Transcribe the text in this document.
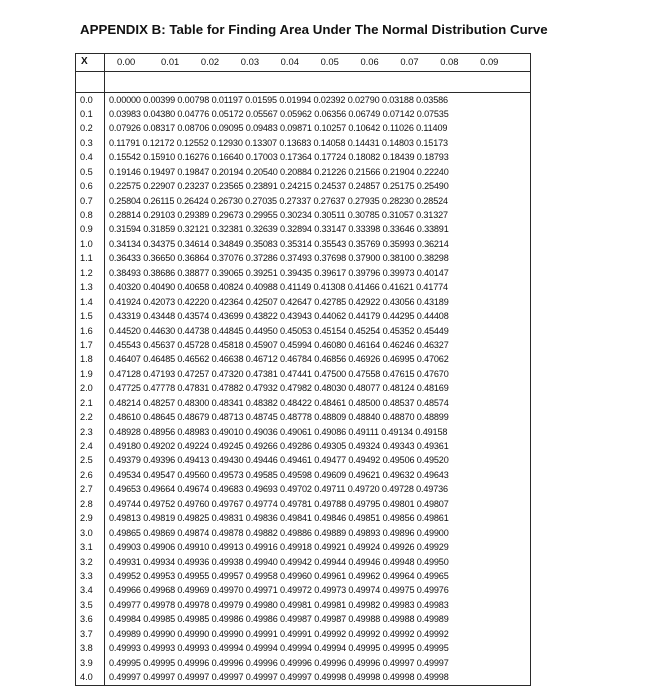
APPENDIX B: Table for Finding Area Under The Normal Distribution Curve
X	0.00 0.01 0.02 0.03 0.04 0.05 0.06 0.07 0.08 0.09

0.0	0.00000 0.00399 0.00798 0.01197 0.01595 0.01994 0.02392 0.02790 0.03188 0.03586
0.1	0.03983 0.04380 0.04776 0.05172 0.05567 0.05962 0.06356 0.06749 0.07142 0.07535
0.2	0.07926 0.08317 0.08706 0.09095 0.09483 0.09871 0.10257 0.10642 0.11026 0.11409
0.3	0.11791 0.12172 0.12552 0.12930 0.13307 0.13683 0.14058 0.14431 0.14803 0.15173
0.4	0.15542 0.15910 0.16276 0.16640 0.17003 0.17364 0.17724 0.18082 0.18439 0.18793
0.5	0.19146 0.19497 0.19847 0.20194 0.20540 0.20884 0.21226 0.21566 0.21904 0.22240
0.6	0.22575 0.22907 0.23237 0.23565 0.23891 0.24215 0.24537 0.24857 0.25175 0.25490
0.7	0.25804 0.26115 0.26424 0.26730 0.27035 0.27337 0.27637 0.27935 0.28230 0.28524
0.8	0.28814 0.29103 0.29389 0.29673 0.29955 0.30234 0.30511 0.30785 0.31057 0.31327
0.9	0.31594 0.31859 0.32121 0.32381 0.32639 0.32894 0.33147 0.33398 0.33646 0.33891
1.0	0.34134 0.34375 0.34614 0.34849 0.35083 0.35314 0.35543 0.35769 0.35993 0.36214
1.1	0.36433 0.36650 0.36864 0.37076 0.37286 0.37493 0.37698 0.37900 0.38100 0.38298
1.2	0.38493 0.38686 0.38877 0.39065 0.39251 0.39435 0.39617 0.39796 0.39973 0.40147
1.3	0.40320 0.40490 0.40658 0.40824 0.40988 0.41149 0.41308 0.41466 0.41621 0.41774
1.4	0.41924 0.42073 0.42220 0.42364 0.42507 0.42647 0.42785 0.42922 0.43056 0.43189
1.5	0.43319 0.43448 0.43574 0.43699 0.43822 0.43943 0.44062 0.44179 0.44295 0.44408
1.6	0.44520 0.44630 0.44738 0.44845 0.44950 0.45053 0.45154 0.45254 0.45352 0.45449
1.7	0.45543 0.45637 0.45728 0.45818 0.45907 0.45994 0.46080 0.46164 0.46246 0.46327
1.8	0.46407 0.46485 0.46562 0.46638 0.46712 0.46784 0.46856 0.46926 0.46995 0.47062
1.9	0.47128 0.47193 0.47257 0.47320 0.47381 0.47441 0.47500 0.47558 0.47615 0.47670
2.0	0.47725 0.47778 0.47831 0.47882 0.47932 0.47982 0.48030 0.48077 0.48124 0.48169
2.1	0.48214 0.48257 0.48300 0.48341 0.48382 0.48422 0.48461 0.48500 0.48537 0.48574
2.2	0.48610 0.48645 0.48679 0.48713 0.48745 0.48778 0.48809 0.48840 0.48870 0.48899
2.3	0.48928 0.48956 0.48983 0.49010 0.49036 0.49061 0.49086 0.49111 0.49134 0.49158
2.4	0.49180 0.49202 0.49224 0.49245 0.49266 0.49286 0.49305 0.49324 0.49343 0.49361
2.5	0.49379 0.49396 0.49413 0.49430 0.49446 0.49461 0.49477 0.49492 0.49506 0.49520
2.6	0.49534 0.49547 0.49560 0.49573 0.49585 0.49598 0.49609 0.49621 0.49632 0.49643
2.7	0.49653 0.49664 0.49674 0.49683 0.49693 0.49702 0.49711 0.49720 0.49728 0.49736
2.8	0.49744 0.49752 0.49760 0.49767 0.49774 0.49781 0.49788 0.49795 0.49801 0.49807
2.9	0.49813 0.49819 0.49825 0.49831 0.49836 0.49841 0.49846 0.49851 0.49856 0.49861
3.0	0.49865 0.49869 0.49874 0.49878 0.49882 0.49886 0.49889 0.49893 0.49896 0.49900
3.1	0.49903 0.49906 0.49910 0.49913 0.49916 0.49918 0.49921 0.49924 0.49926 0.49929
3.2	0.49931 0.49934 0.49936 0.49938 0.49940 0.49942 0.49944 0.49946 0.49948 0.49950
3.3	0.49952 0.49953 0.49955 0.49957 0.49958 0.49960 0.49961 0.49962 0.49964 0.49965
3.4	0.49966 0.49968 0.49969 0.49970 0.49971 0.49972 0.49973 0.49974 0.49975 0.49976
3.5	0.49977 0.49978 0.49978 0.49979 0.49980 0.49981 0.49981 0.49982 0.49983 0.49983
3.6	0.49984 0.49985 0.49985 0.49986 0.49986 0.49987 0.49987 0.49988 0.49988 0.49989
3.7	0.49989 0.49990 0.49990 0.49990 0.49991 0.49991 0.49992 0.49992 0.49992 0.49992
3.8	0.49993 0.49993 0.49993 0.49994 0.49994 0.49994 0.49994 0.49995 0.49995 0.49995
3.9	0.49995 0.49995 0.49996 0.49996 0.49996 0.49996 0.49996 0.49996 0.49997 0.49997
4.0	0.49997 0.49997 0.49997 0.49997 0.49997 0.49997 0.49998 0.49998 0.49998 0.49998
